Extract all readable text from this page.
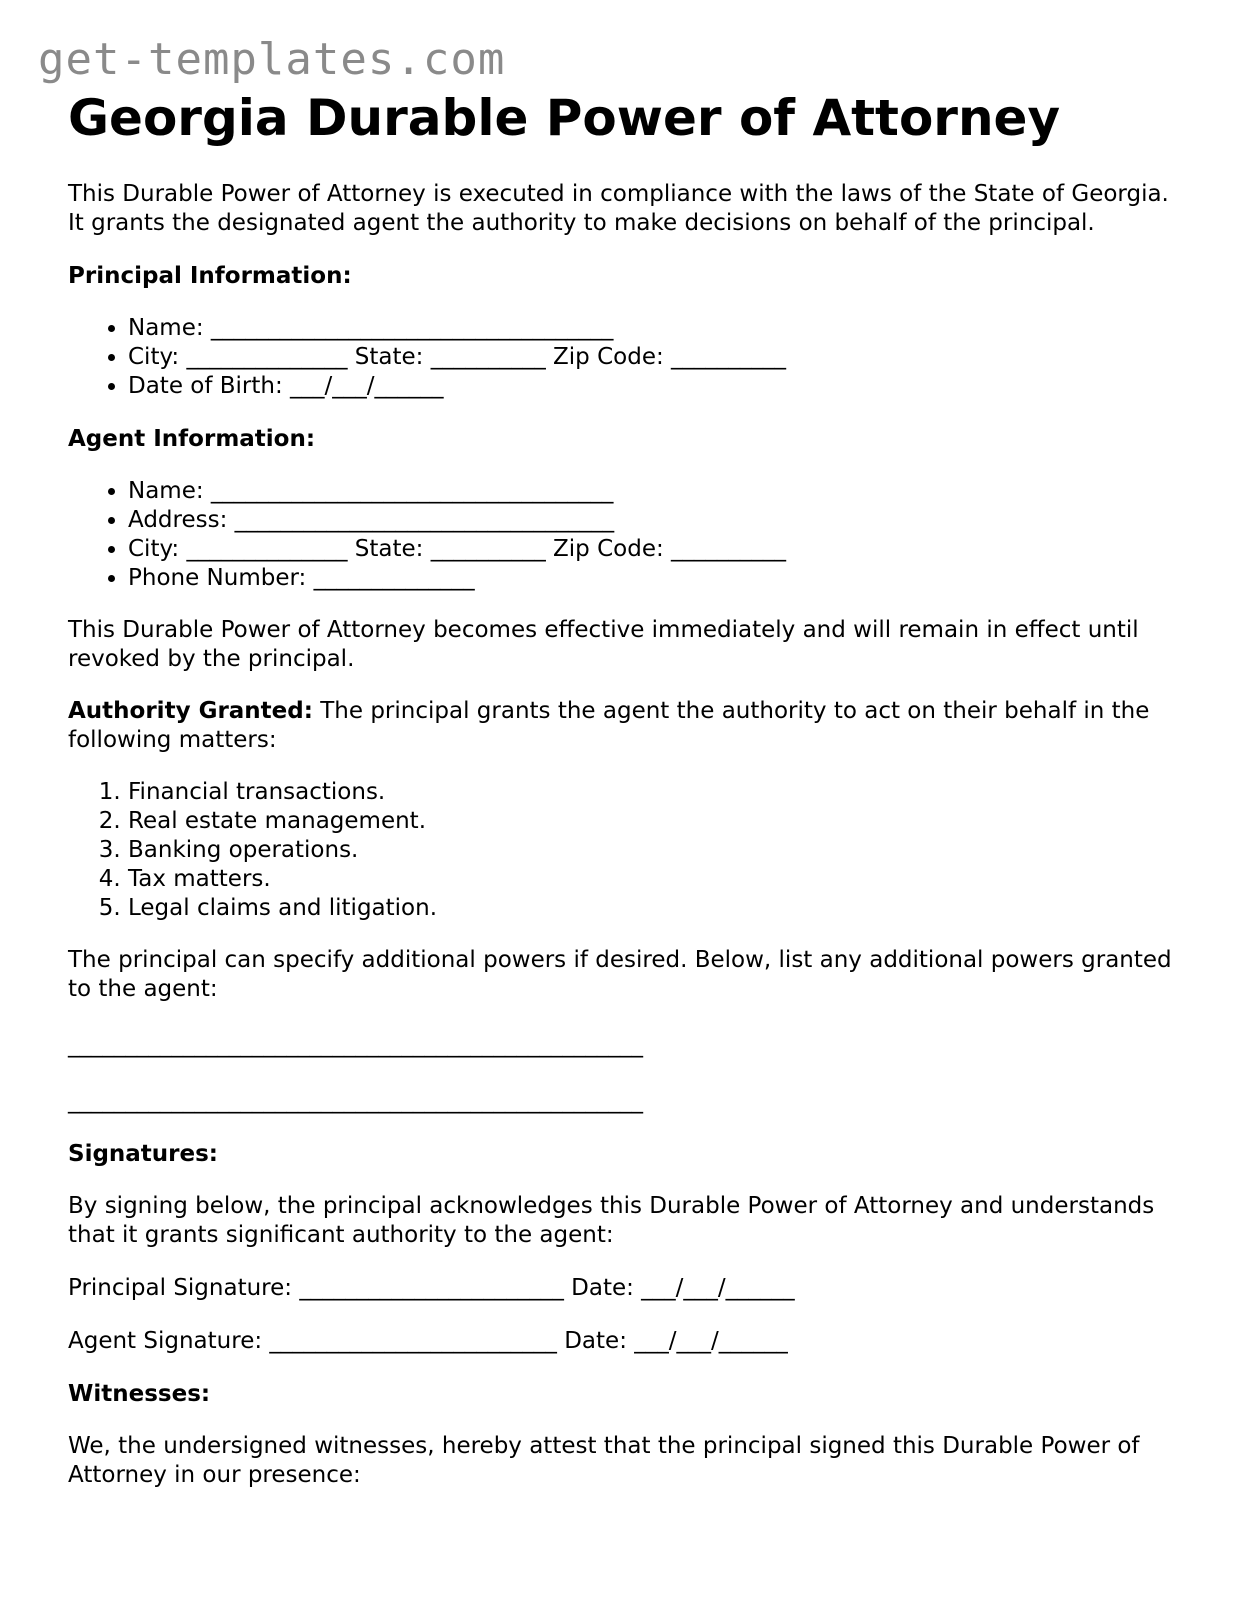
get-templates.com
Georgia Durable Power of Attorney

This Durable Power of Attorney is executed in compliance with the laws of the State of Georgia. It grants the designated agent the authority to make decisions on behalf of the principal.

Principal Information:

• Name: ___________________________________
• City: ______________ State: __________ Zip Code: __________
• Date of Birth: ___/___/______

Agent Information:

• Name: ___________________________________
• Address: _________________________________
• City: ______________ State: __________ Zip Code: __________
• Phone Number: ______________

This Durable Power of Attorney becomes effective immediately and will remain in effect until revoked by the principal.

Authority Granted: The principal grants the agent the authority to act on their behalf in the following matters:

1. Financial transactions.
2. Real estate management.
3. Banking operations.
4. Tax matters.
5. Legal claims and litigation.

The principal can specify additional powers if desired. Below, list any additional powers granted to the agent:

__________________________________________________

__________________________________________________

Signatures:

By signing below, the principal acknowledges this Durable Power of Attorney and understands that it grants significant authority to the agent:

Principal Signature: _______________________ Date: ___/___/______

Agent Signature: _________________________ Date: ___/___/______

Witnesses:

We, the undersigned witnesses, hereby attest that the principal signed this Durable Power of Attorney in our presence:
